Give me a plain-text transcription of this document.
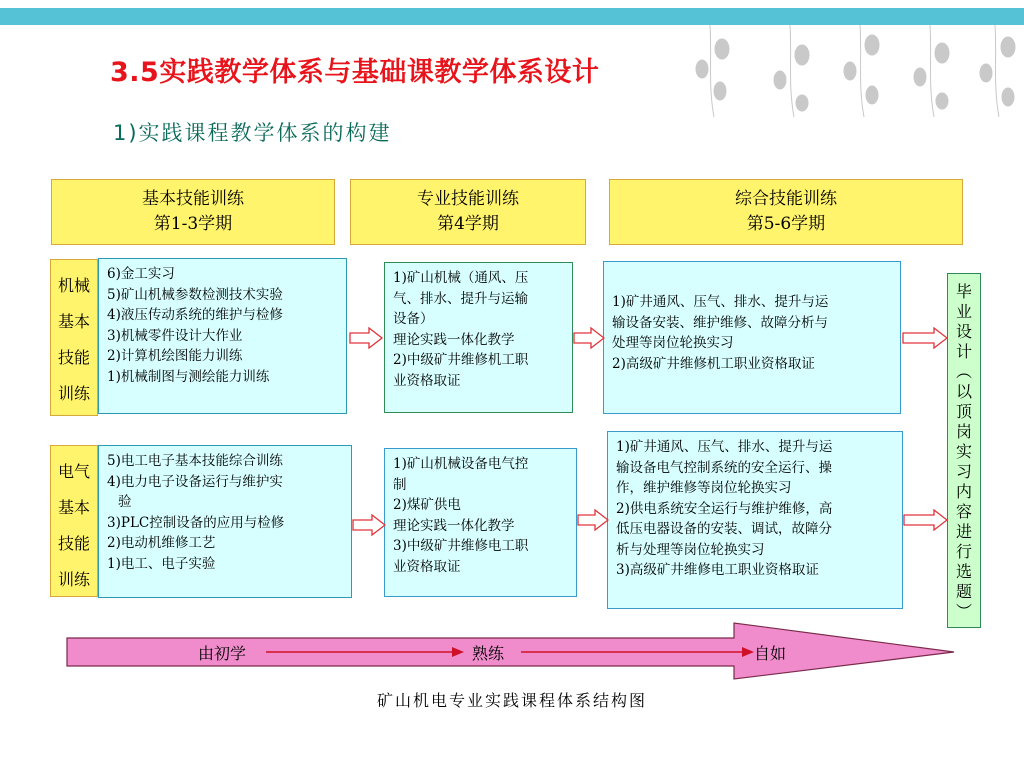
3.5实践教学体系与基础课教学体系设计
1)实践课程教学体系的构建
基本技能训练
第1-3学期
专业技能训练
第4学期
综合技能训练
第5-6学期
机械
基本
技能
训练
6)金工实习
5)矿山机械参数检测技术实验
4)液压传动系统的维护与检修
3)机械零件设计大作业
2)计算机绘图能力训练
1)机械制图与测绘能力训练
1)矿山机械（通风、压
气、排水、提升与运输
设备）
理论实践一体化教学
2)中级矿井维修机工职
业资格取证
1)矿井通风、压气、排水、提升与运
输设备安装、维护维修、故障分析与
处理等岗位轮换实习
2)高级矿井维修机工职业资格取证
电气
基本
技能
训练
5)电工电子基本技能综合训练
4)电力电子设备运行与维护实
验
3)PLC控制设备的应用与检修
2)电动机维修工艺
1)电工、电子实验
1)矿山机械设备电气控
制
2)煤矿供电
理论实践一体化教学
3)中级矿井维修电工职
业资格取证
1)矿井通风、压气、排水、提升与运
输设备电气控制系统的安全运行、操
作，维护维修等岗位轮换实习
2)供电系统安全运行与维护维修，高
低压电器设备的安装、调试，故障分
析与处理等岗位轮换实习
3)高级矿井维修电工职业资格取证
毕
业
设
计
︵
以
顶
岗
实
习
内
容
进
行
选
题
︶
由初学	熟练	自如
矿山机电专业实践课程体系结构图
